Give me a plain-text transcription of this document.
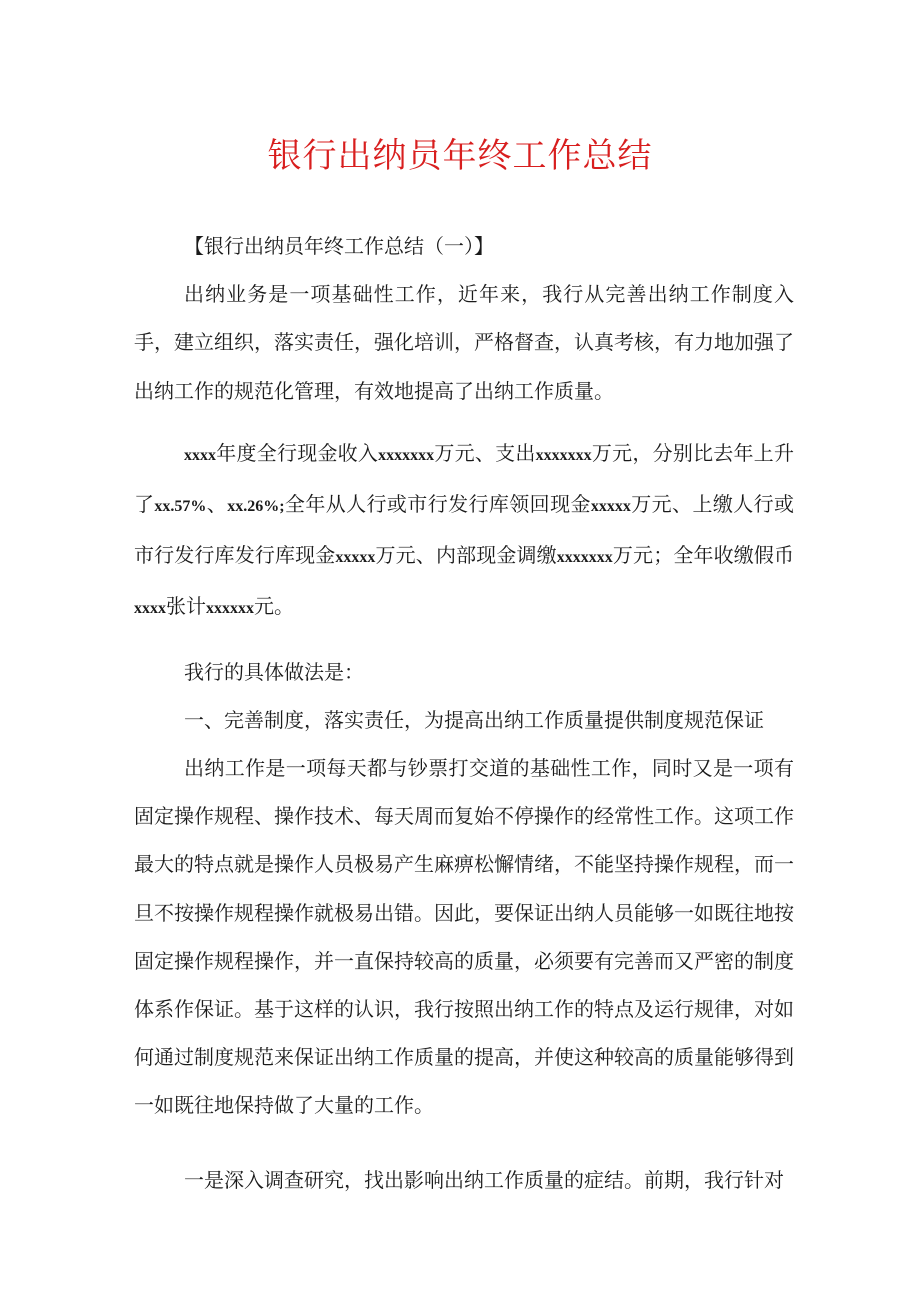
银行出纳员年终工作总结

【银行出纳员年终工作总结（一）】

出纳业务是一项基础性工作，近年来，我行从完善出纳工作制度入手，建立组织，落实责任，强化培训，严格督查，认真考核，有力地加强了出纳工作的规范化管理，有效地提高了出纳工作质量。

xxxx年度全行现金收入xxxxxxx万元、支出xxxxxxx万元，分别比去年上升了xx.57%、xx.26%;全年从人行或市行发行库领回现金xxxxx万元、上缴人行或市行发行库发行库现金xxxxx万元、内部现金调缴xxxxxxx万元；全年收缴假币xxxx张计xxxxxx元。

我行的具体做法是：

一、完善制度，落实责任，为提高出纳工作质量提供制度规范保证

出纳工作是一项每天都与钞票打交道的基础性工作，同时又是一项有固定操作规程、操作技术、每天周而复始不停操作的经常性工作。这项工作最大的特点就是操作人员极易产生麻痹松懈情绪，不能坚持操作规程，而一旦不按操作规程操作就极易出错。因此，要保证出纳人员能够一如既往地按固定操作规程操作，并一直保持较高的质量，必须要有完善而又严密的制度体系作保证。基于这样的认识，我行按照出纳工作的特点及运行规律，对如何通过制度规范来保证出纳工作质量的提高，并使这种较高的质量能够得到一如既往地保持做了大量的工作。

一是深入调查研究，找出影响出纳工作质量的症结。前期，我行针对
